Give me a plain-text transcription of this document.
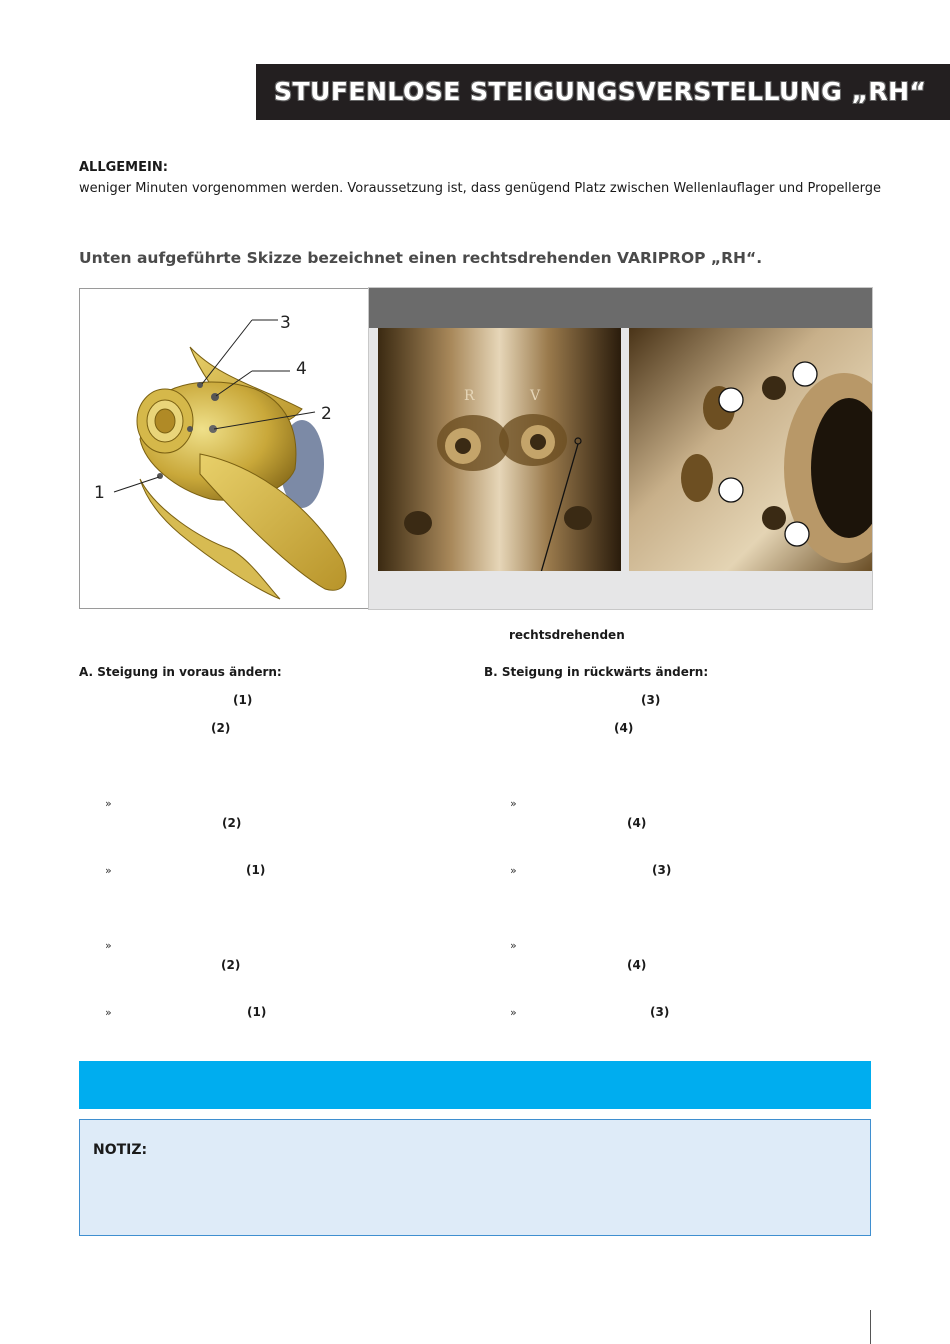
STUFENLOSE STEIGUNGSVERSTELLUNG „RH“
ALLGEMEIN:
weniger Minuten vorgenommen werden. Voraussetzung ist, dass genügend Platz zwischen Wellenlauflager und Propellerge
Unten aufgeführte Skizze bezeichnet einen rechtsdrehenden VARIPROP „RH“.
3
4
2
1
R	V
rechtsdrehenden
A. Steigung in voraus ändern:
(1)
(2)
»
(2)
»	(1)
»
(2)
»	(1)
B. Steigung in rückwärts ändern:
(3)
(4)
»
(4)
»	(3)
»
(4)
»	(3)
NOTIZ:
